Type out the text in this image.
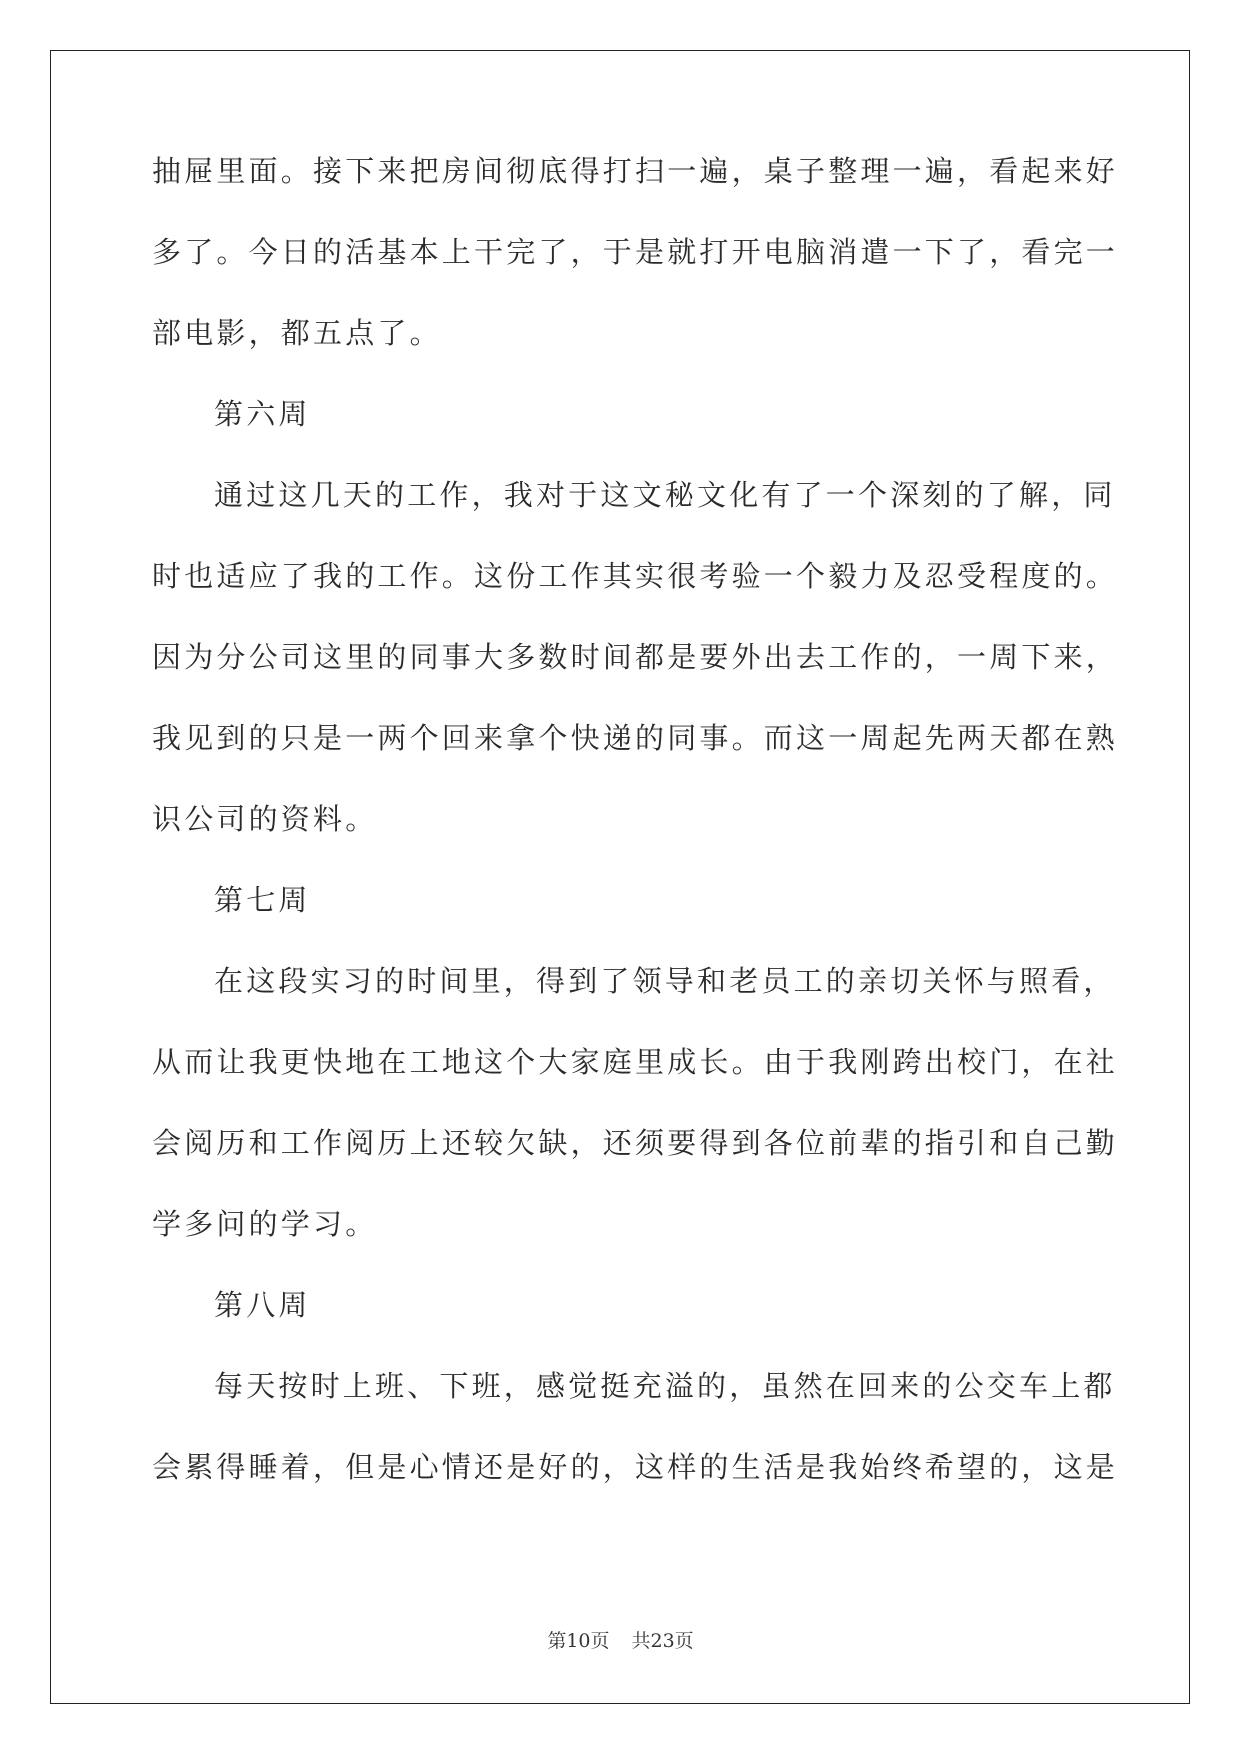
抽屉里面。接下来把房间彻底得打扫一遍，桌子整理一遍，看起来好
多了。今日的活基本上干完了，于是就打开电脑消遣一下了，看完一
部电影，都五点了。
第六周
通过这几天的工作，我对于这文秘文化有了一个深刻的了解，同
时也适应了我的工作。这份工作其实很考验一个毅力及忍受程度的。
因为分公司这里的同事大多数时间都是要外出去工作的，一周下来，
我见到的只是一两个回来拿个快递的同事。而这一周起先两天都在熟
识公司的资料。
第七周
在这段实习的时间里，得到了领导和老员工的亲切关怀与照看，
从而让我更快地在工地这个大家庭里成长。由于我刚跨出校门，在社
会阅历和工作阅历上还较欠缺，还须要得到各位前辈的指引和自己勤
学多问的学习。
第八周
每天按时上班、下班，感觉挺充溢的，虽然在回来的公交车上都
会累得睡着，但是心情还是好的，这样的生活是我始终希望的，这是
第10页 共23页
